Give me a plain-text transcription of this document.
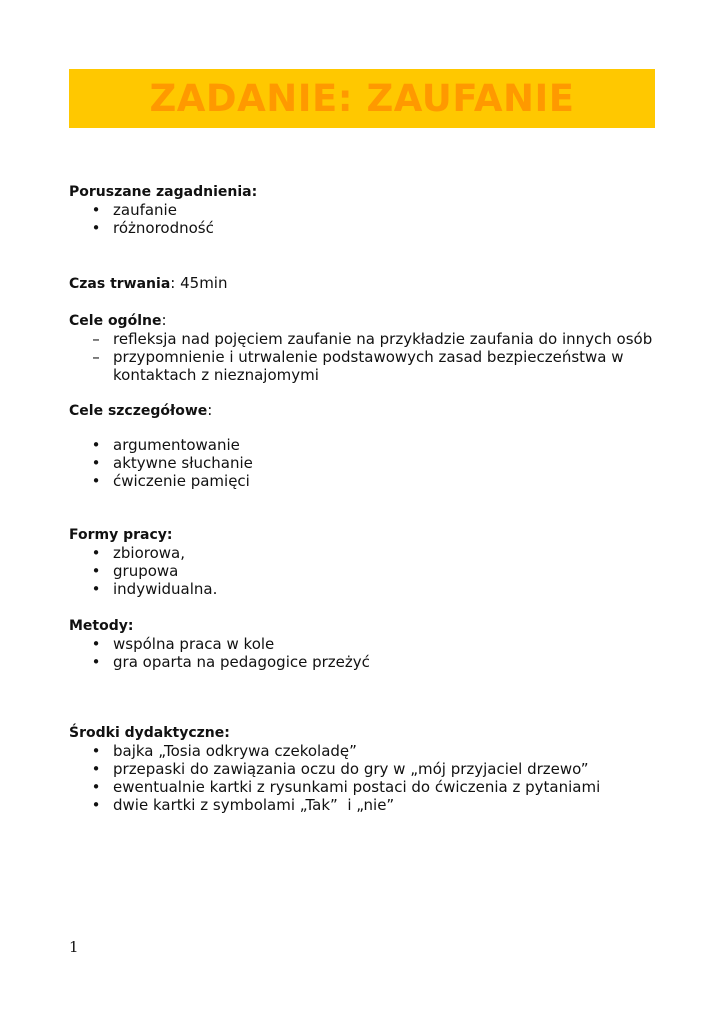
ZADANIE: ZAUFANIE
Poruszane zagadnienia:
• zaufanie
• różnorodność
Czas trwania: 45min
Cele ogólne:
– refleksja nad pojęciem zaufanie na przykładzie zaufania do innych osób
– przypomnienie i utrwalenie podstawowych zasad bezpieczeństwa w kontaktach z nieznajomymi
Cele szczegółowe:
• argumentowanie
• aktywne słuchanie
• ćwiczenie pamięci
Formy pracy:
• zbiorowa,
• grupowa
• indywidualna.
Metody:
• wspólna praca w kole
• gra oparta na pedagogice przeżyć
Środki dydaktyczne:
• bajka „Tosia odkrywa czekoladę”
• przepaski do zawiązania oczu do gry w „mój przyjaciel drzewo”
• ewentualnie kartki z rysunkami postaci do ćwiczenia z pytaniami
• dwie kartki z symbolami „Tak”  i „nie”
1
